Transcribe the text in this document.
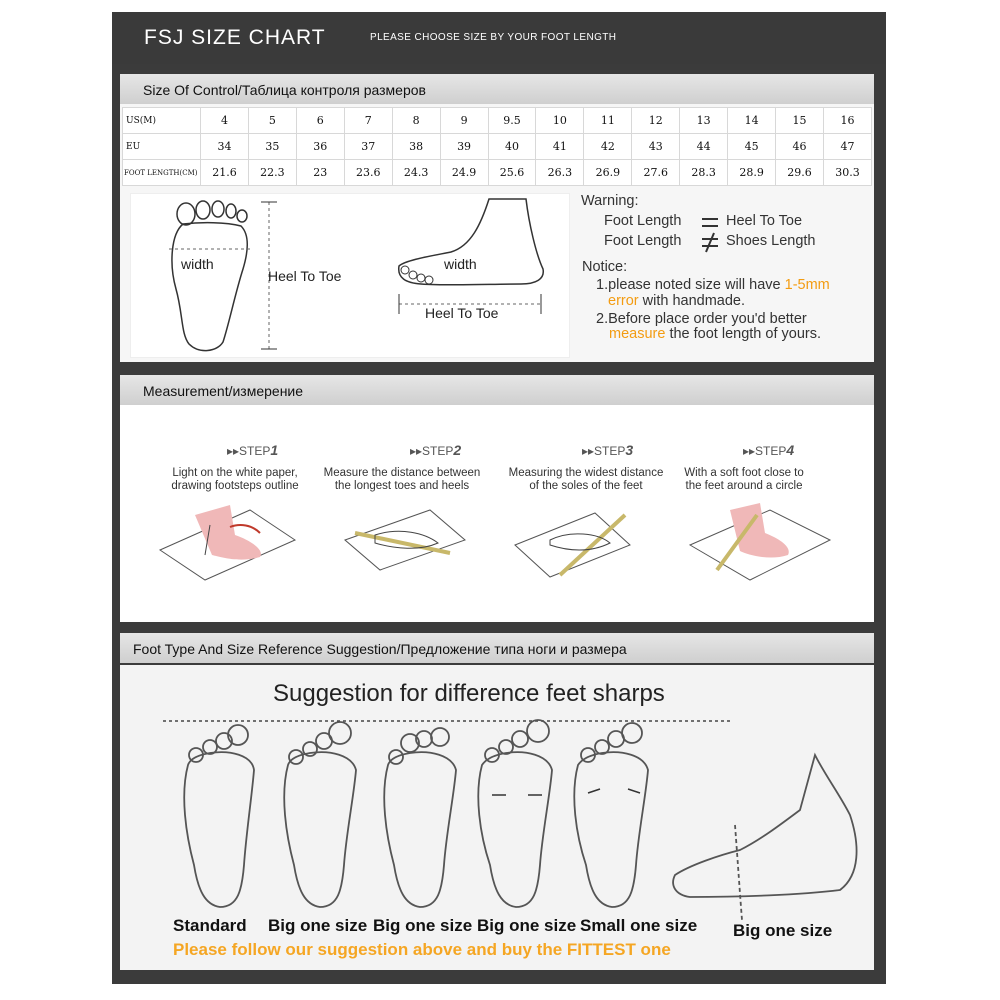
FSJ SIZE CHART	PLEASE CHOOSE SIZE BY YOUR FOOT LENGTH
Size Of Control/Таблица контроля размеров
US(M)	4	5	6	7	8	9	9.5	10	11	12	13	14	15	16
EU	34	35	36	37	38	39	40	41	42	43	44	45	46	47
FOOT LENGTH(CM)	21.6	22.3	23	23.6	24.3	24.9	25.6	26.3	26.9	27.6	28.3	28.9	29.6	30.3
width
Heel To Toe
width
Heel To Toe
Warning:
Foot Length	Heel To Toe
Foot Length	Shoes Length
Notice:
1.please noted size will have 1-5mm
error with handmade.
2.Before place order you'd better
measure the foot length of yours.
Measurement/измерение
▸▸STEP1
Light on the white paper,
drawing footsteps outline
▸▸STEP2
Measure the distance between
the longest toes and heels
▸▸STEP3
Measuring the widest distance
of the soles of the feet
▸▸STEP4
With a soft foot close to
the feet around a circle
Foot Type And Size Reference Suggestion/Предложение типа ноги и размера
Suggestion for difference feet sharps
Standard Big one size Big one size Big one size Small one size Big one size
Please follow our suggestion above and buy the FITTEST one
